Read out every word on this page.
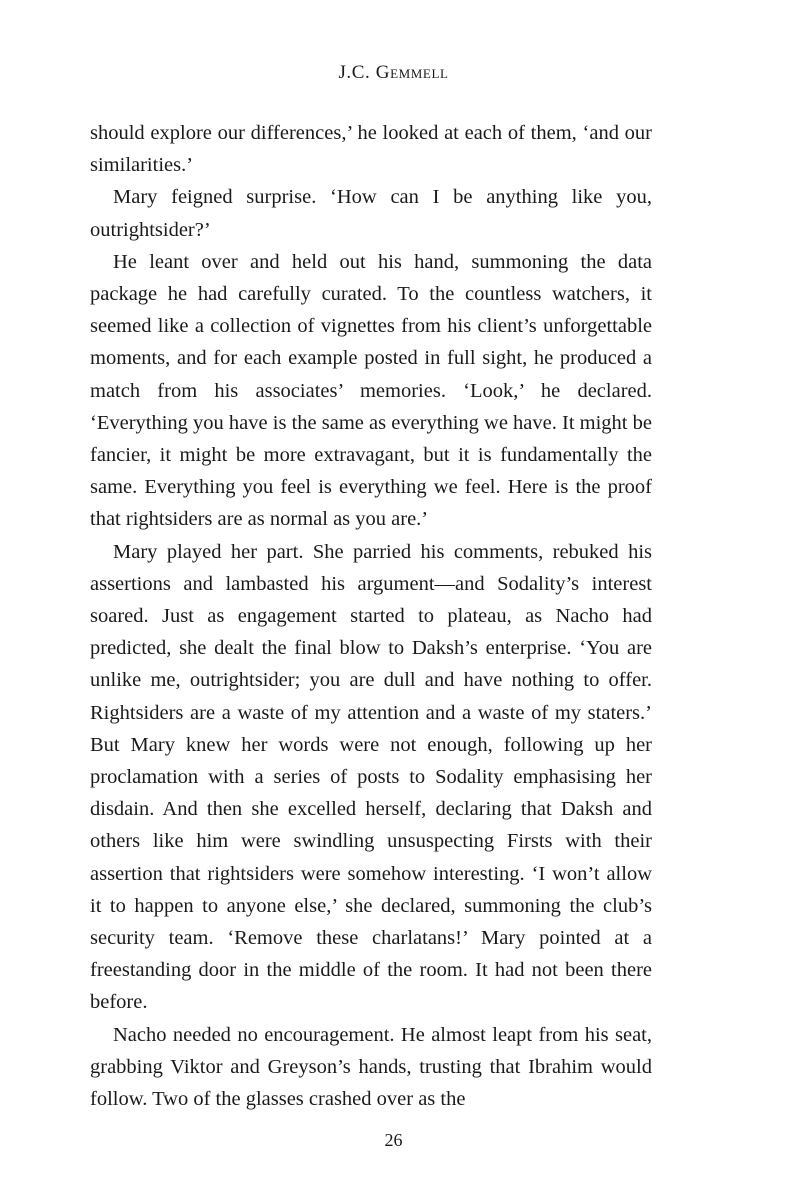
J.C. Gemmell

should explore our differences,’ he looked at each of them, ‘and our similarities.’

Mary feigned surprise. ‘How can I be anything like you, outrightsider?’

He leant over and held out his hand, summoning the data package he had carefully curated. To the countless watchers, it seemed like a collection of vignettes from his client’s unforgettable moments, and for each example posted in full sight, he produced a match from his associates’ memories. ‘Look,’ he declared. ‘Everything you have is the same as everything we have. It might be fancier, it might be more extravagant, but it is fundamentally the same. Everything you feel is everything we feel. Here is the proof that rightsiders are as normal as you are.’

Mary played her part. She parried his comments, rebuked his assertions and lambasted his argument—and Sodality’s interest soared. Just as engagement started to plateau, as Nacho had predicted, she dealt the final blow to Daksh’s enterprise. ‘You are unlike me, outrightsider; you are dull and have nothing to offer. Rightsiders are a waste of my attention and a waste of my staters.’ But Mary knew her words were not enough, following up her proclamation with a series of posts to Sodality emphasising her disdain. And then she excelled herself, declaring that Daksh and others like him were swindling unsuspecting Firsts with their assertion that rightsiders were somehow interesting. ‘I won’t allow it to happen to anyone else,’ she declared, summoning the club’s security team. ‘Remove these charlatans!’ Mary pointed at a freestanding door in the middle of the room. It had not been there before.

Nacho needed no encouragement. He almost leapt from his seat, grabbing Viktor and Greyson’s hands, trusting that Ibrahim would follow. Two of the glasses crashed over as the

26
